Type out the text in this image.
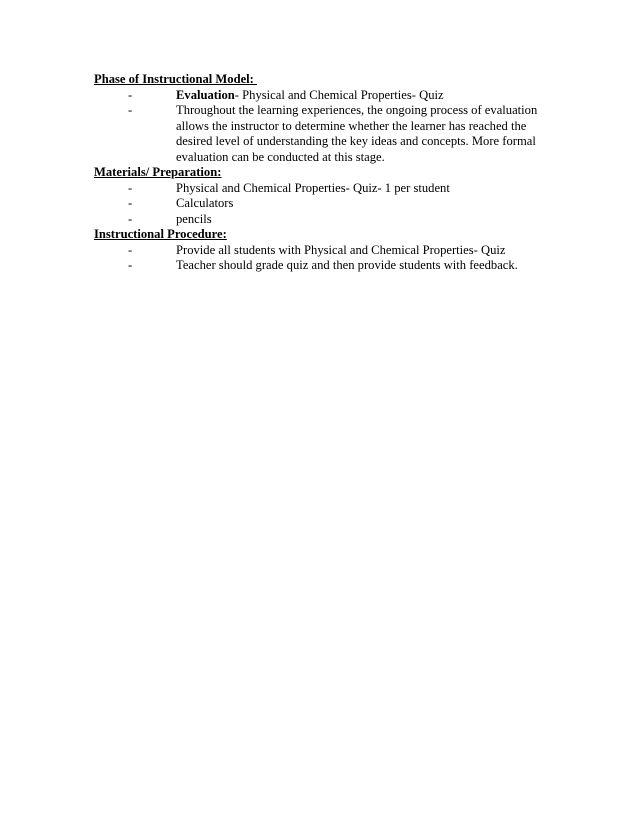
Phase of Instructional Model:
-	Evaluation- Physical and Chemical Properties- Quiz
-	Throughout the learning experiences, the ongoing process of evaluation allows the instructor to determine whether the learner has reached the desired level of understanding the key ideas and concepts. More formal evaluation can be conducted at this stage.
Materials/ Preparation:
-	Physical and Chemical Properties- Quiz- 1 per student
-	Calculators
-	pencils
Instructional Procedure:
-	Provide all students with Physical and Chemical Properties- Quiz
-	Teacher should grade quiz and then provide students with feedback.
